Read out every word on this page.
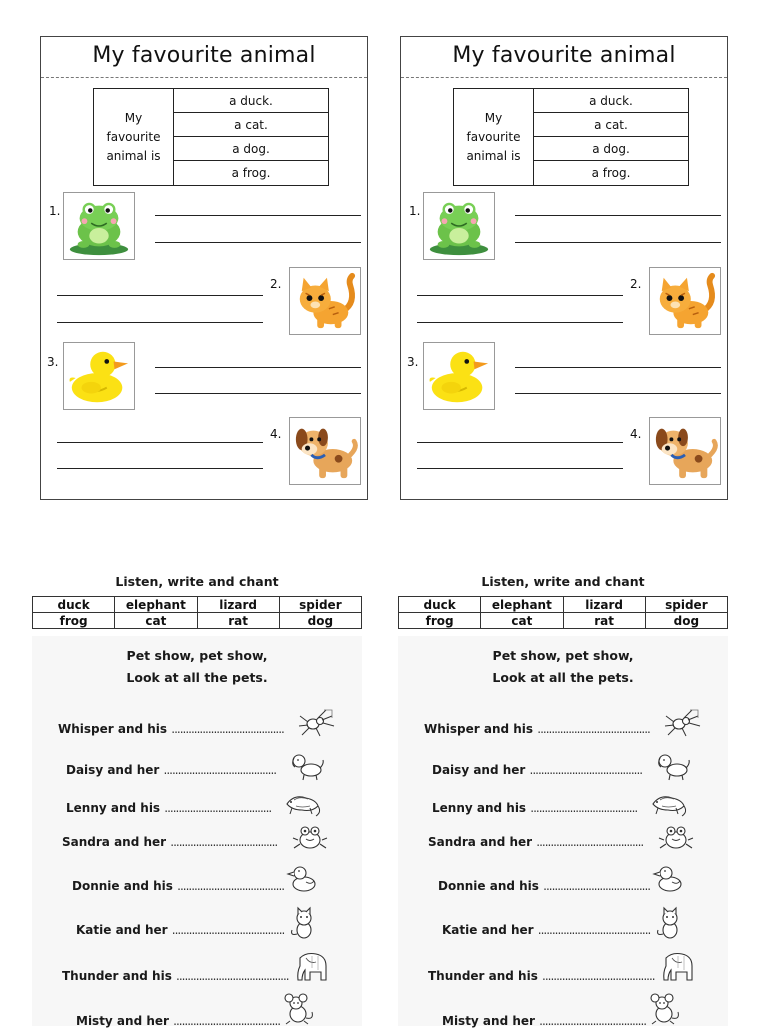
My favourite animal
My
favourite
animal is
a duck.
a cat.
a dog.
a frog.
1.
2.
3.
4.
My favourite animal
My
favourite
animal is
a duck.
a cat.
a dog.
a frog.
1.
2.
3.
4.
Listen, write and chant
duck	elephant	lizard	spider
frog	cat	rat	dog
Pet show, pet show,
Look at all the pets.
Whisper and his ........................................
Daisy and her ........................................
Lenny and his ......................................
Sandra and her ......................................
Donnie and his ......................................
Katie and her ........................................
Thunder and his ........................................
Misty and her ......................................
Listen, write and chant
duck	elephant	lizard	spider
frog	cat	rat	dog
Pet show, pet show,
Look at all the pets.
Whisper and his ........................................
Daisy and her ........................................
Lenny and his ......................................
Sandra and her ......................................
Donnie and his ......................................
Katie and her ........................................
Thunder and his ........................................
Misty and her ......................................
